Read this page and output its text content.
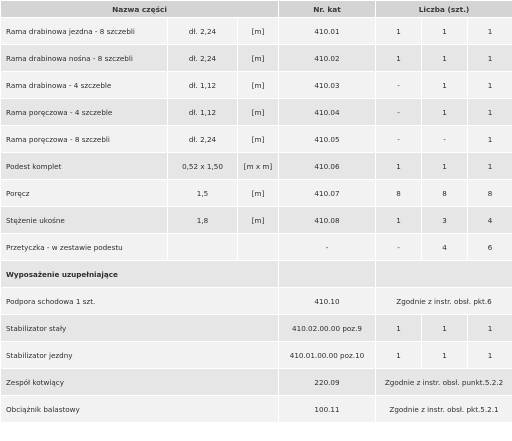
Nazwa części			Nr. kat	Liczba (szt.)		
Rama drabinowa jezdna - 8 szczebli	dł. 2,24	[m]	410.01	1	1	1
Rama drabinowa nośna - 8 szczebli	dł. 2,24	[m]	410.02	1	1	1
Rama drabinowa - 4 szczeble	dł. 1,12	[m]	410.03	-	1	1
Rama poręczowa - 4 szczeble	dł. 1,12	[m]	410.04	-	1	1
Rama poręczowa - 8 szczebli	dł. 2,24	[m]	410.05	-	-	1
Podest komplet	0,52 x 1,50	[m x m]	410.06	1	1	1
Poręcz	1,5	[m]	410.07	8	8	8
Stężenie ukośne	1,8	[m]	410.08	1	3	4
Przetyczka - w zestawie podestu			-	-	4	6
Wyposażenie uzupełniające						
Podpora schodowa 1 szt.			410.10	Zgodnie z instr. obsł. pkt.6		
Stabilizator stały			410.02.00.00 poz.9	1	1	1
Stabilizator jezdny			410.01.00.00 poz.10	1	1	1
Zespół kotwiący			220.09	Zgodnie z instr. obsł. punkt.5.2.2		
Obciążnik balastowy			100.11	Zgodnie z instr. obsł. pkt.5.2.1		
